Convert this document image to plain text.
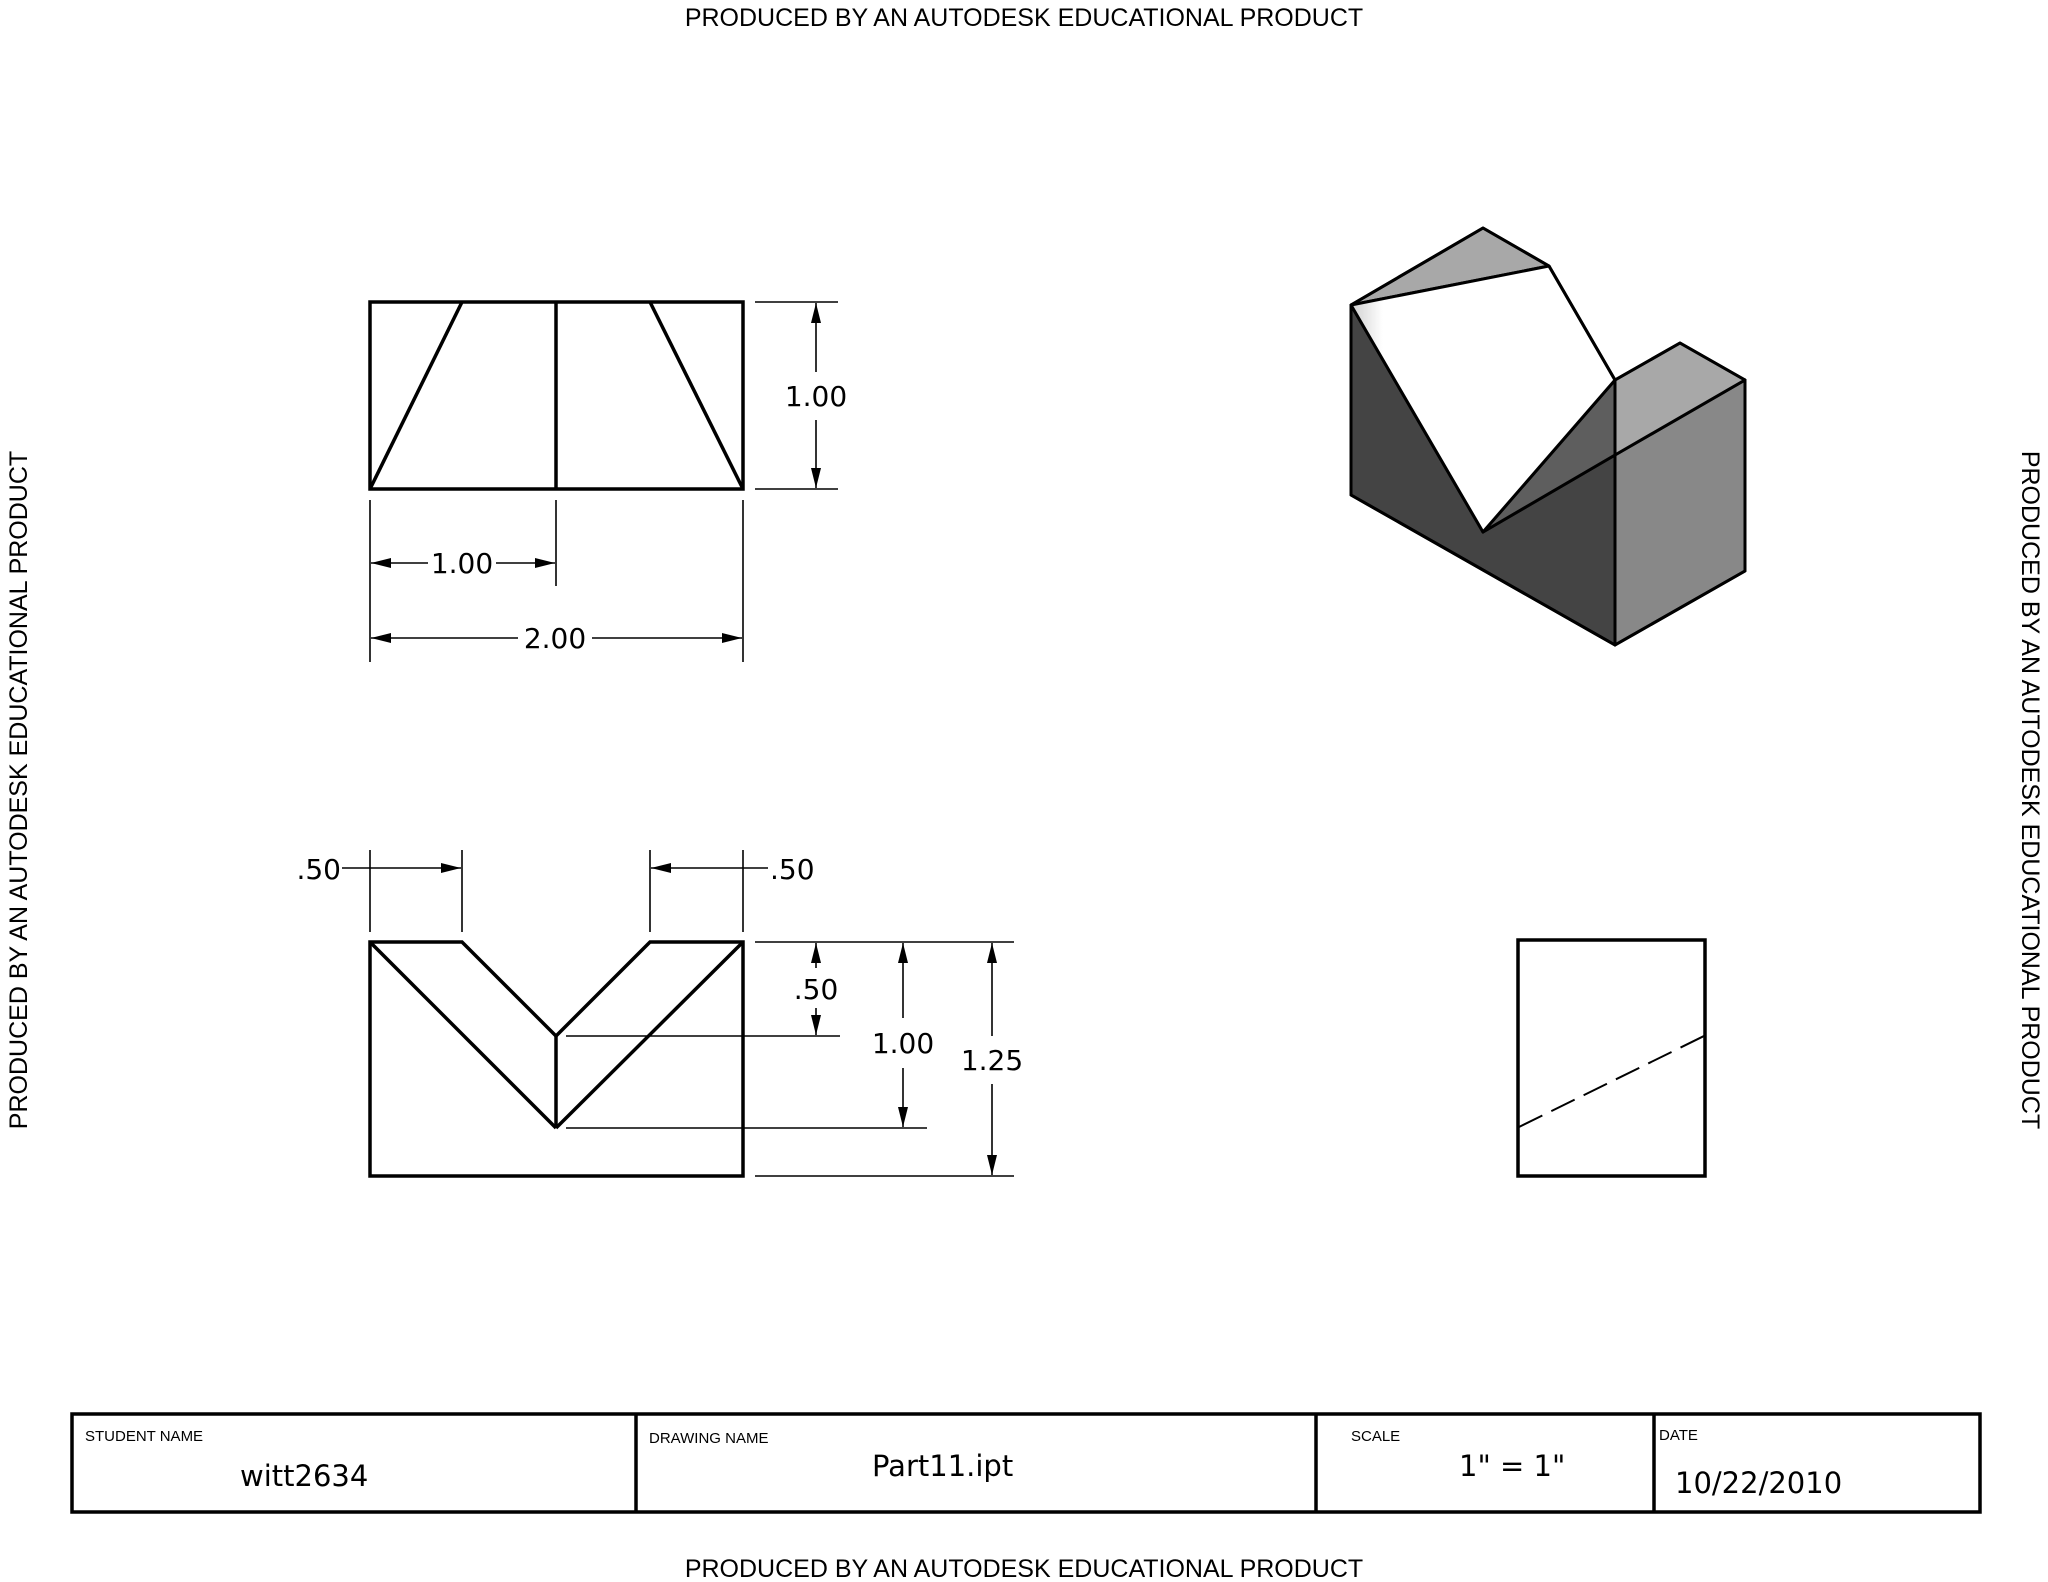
PRODUCED BY AN AUTODESK EDUCATIONAL PRODUCT
PRODUCED BY AN AUTODESK EDUCATIONAL PRODUCT
PRODUCED BY AN AUTODESK EDUCATIONAL PRODUCT	PRODUCED BY AN AUTODESK EDUCATIONAL PRODUCT
1.00
1.00
2.00
.50	.50
.50
1.00
1.25
STUDENT NAME
witt2634
DRAWING NAME
Part11.ipt
SCALE
1" = 1"
DATE
10/22/2010
